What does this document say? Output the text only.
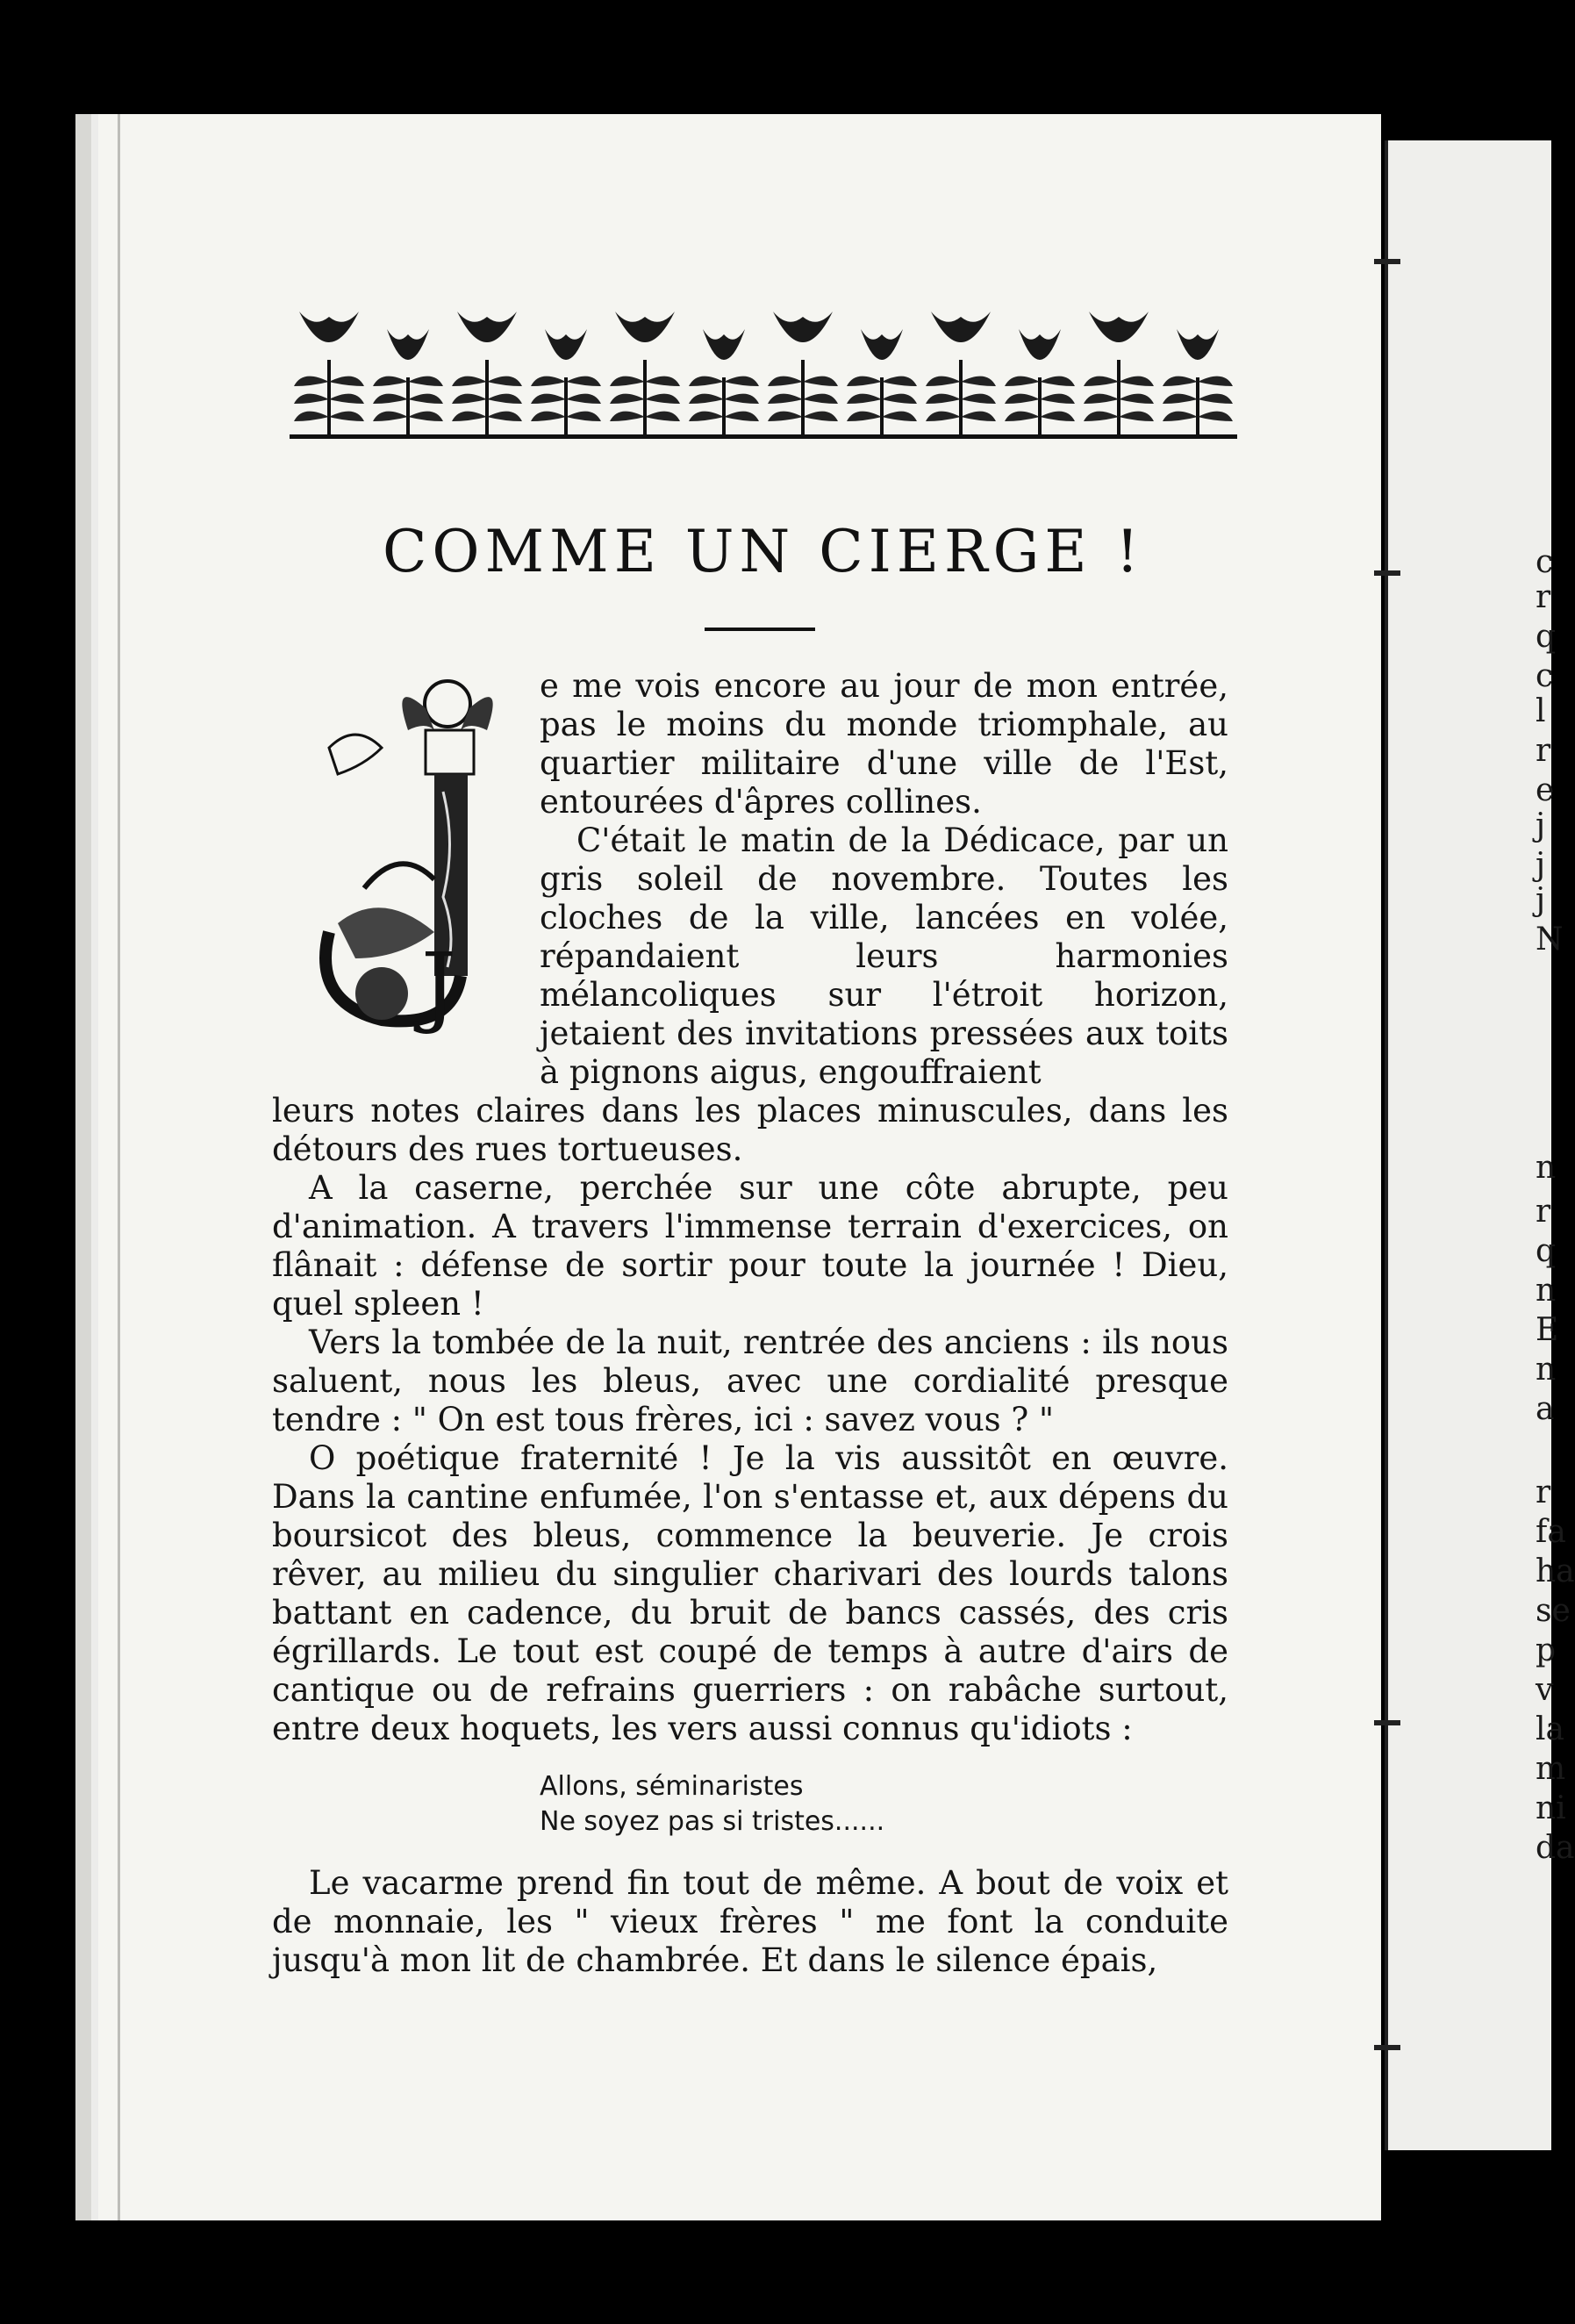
c
r
q
c
l
r
e
j
j
j
N
n
r
q
n
E
n
a
r
fa
ha
se
p
v
la
m
ni
da
COMME UN CIERGE !
J

e me vois encore au jour de mon entrée, pas le moins du monde triomphale, au quartier militaire d'une ville de l'Est, entourées d'âpres collines.

C'était le matin de la Dédicace, par un gris soleil de novembre. Toutes les cloches de la ville, lancées en volée, répandaient leurs harmonies mélancoliques sur l'étroit horizon, jetaient des invitations pressées aux toits à pignons aigus, engouffraient

leurs notes claires dans les places minuscules, dans les détours des rues tortueuses.

A la caserne, perchée sur une côte abrupte, peu d'animation. A travers l'immense terrain d'exercices, on flânait : défense de sortir pour toute la journée ! Dieu, quel spleen !

Vers la tombée de la nuit, rentrée des anciens : ils nous saluent, nous les bleus, avec une cordialité presque tendre : " On est tous frères, ici : savez vous ? "

O poétique fraternité ! Je la vis aussitôt en œuvre. Dans la cantine enfumée, l'on s'entasse et, aux dépens du boursicot des bleus, commence la beuverie. Je crois rêver, au milieu du singulier charivari des lourds talons battant en cadence, du bruit de bancs cassés, des cris égrillards. Le tout est coupé de temps à autre d'airs de cantique ou de refrains guerriers : on rabâche surtout, entre deux hoquets, les vers aussi connus qu'idiots :

Allons, séminaristes
Ne soyez pas si tristes......

Le vacarme prend fin tout de même. A bout de voix et de monnaie, les " vieux frères " me font la conduite jusqu'à mon lit de chambrée. Et dans le silence épais,
